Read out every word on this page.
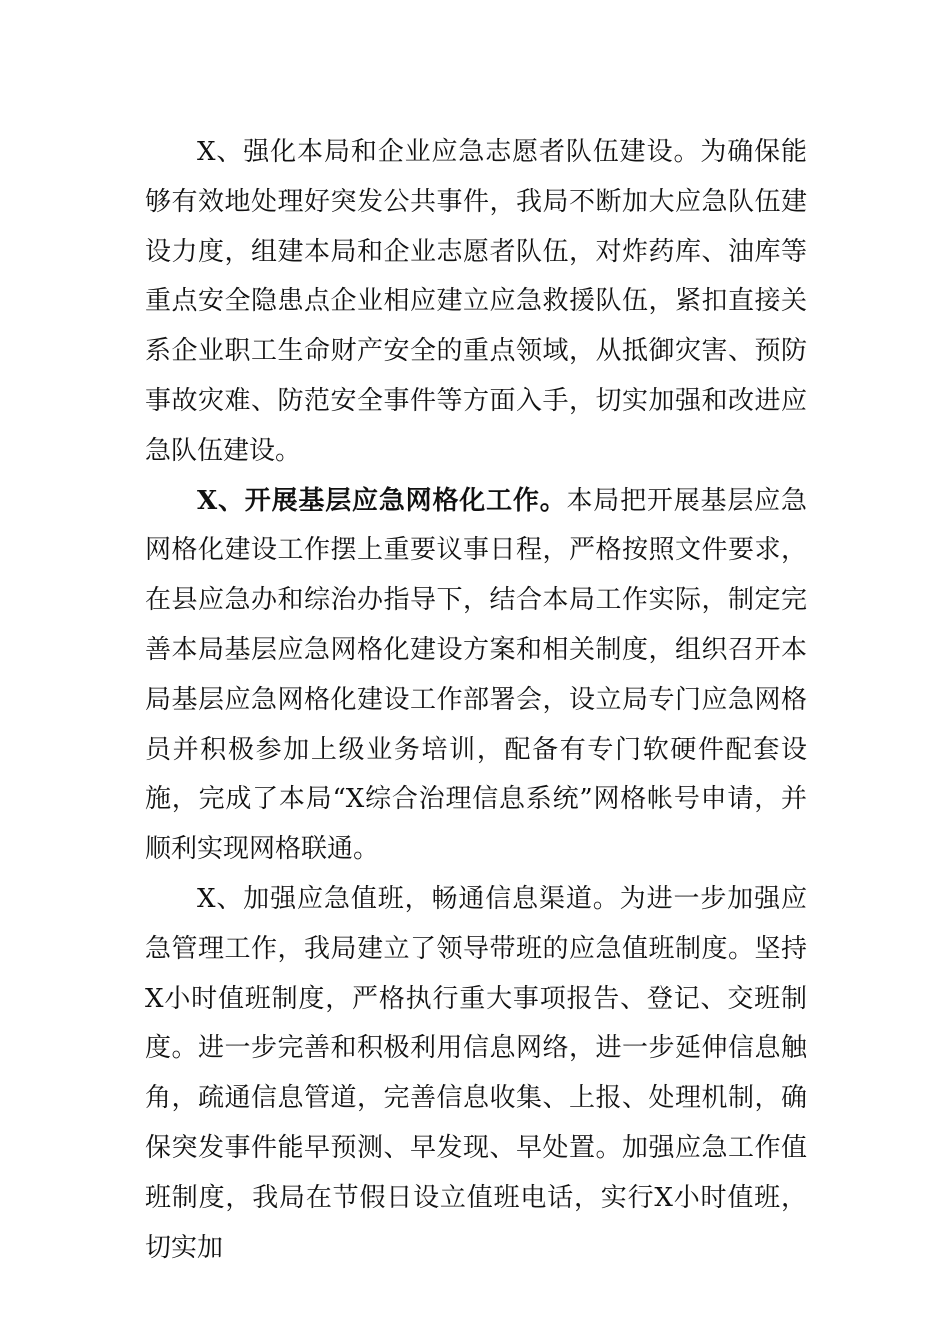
X、强化本局和企业应急志愿者队伍建设。为确保能够有效地处理好突发公共事件，我局不断加大应急队伍建设力度，组建本局和企业志愿者队伍，对炸药库、油库等重点安全隐患点企业相应建立应急救援队伍，紧扣直接关系企业职工生命财产安全的重点领域，从抵御灾害、预防事故灾难、防范安全事件等方面入手，切实加强和改进应急队伍建设。

X、开展基层应急网格化工作。本局把开展基层应急网格化建设工作摆上重要议事日程，严格按照文件要求，在县应急办和综治办指导下，结合本局工作实际，制定完善本局基层应急网格化建设方案和相关制度，组织召开本局基层应急网格化建设工作部署会，设立局专门应急网格员并积极参加上级业务培训，配备有专门软硬件配套设施，完成了本局“X综合治理信息系统”网格帐号申请，并顺利实现网格联通。

X、加强应急值班，畅通信息渠道。为进一步加强应急管理工作，我局建立了领导带班的应急值班制度。坚持X小时值班制度，严格执行重大事项报告、登记、交班制度。进一步完善和积极利用信息网络，进一步延伸信息触角，疏通信息管道，完善信息收集、上报、处理机制，确保突发事件能早预测、早发现、早处置。加强应急工作值班制度，我局在节假日设立值班电话，实行X小时值班，切实加
